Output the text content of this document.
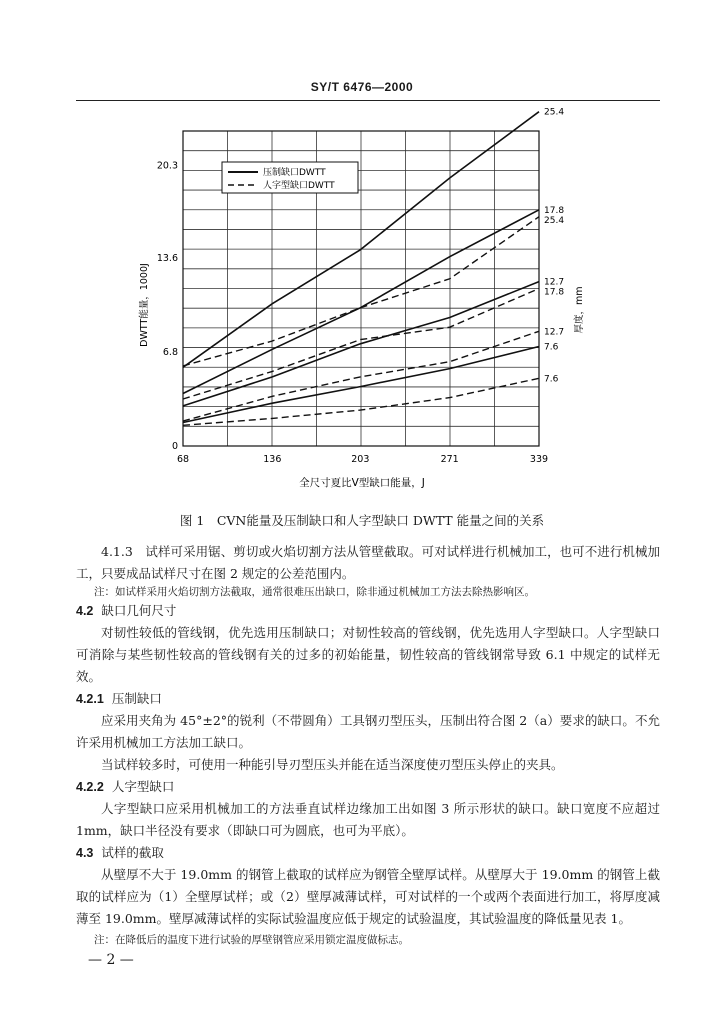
SY/T 6476—2000
68	136	203	271	339
0
6.8
13.6
20.3
25.4
17.8
25.4
12.7
17.8
12.7
7.6
7.6
压制缺口DWTT
人字型缺口DWTT
DWTT能量，1000J	厚度，mm
全尺寸夏比V型缺口能量，J
图 1　CVN能量及压制缺口和人字型缺口 DWTT 能量之间的关系
4.1.3　试样可采用锯、剪切或火焰切割方法从管壁截取。可对试样进行机械加工，也可不进行机械加工，只要成品试样尺寸在图 2 规定的公差范围内。
注：如试样采用火焰切割方法截取，通常很难压出缺口，除非通过机械加工方法去除热影响区。
4.2 缺口几何尺寸
对韧性较低的管线钢，优先选用压制缺口；对韧性较高的管线钢，优先选用人字型缺口。人字型缺口可消除与某些韧性较高的管线钢有关的过多的初始能量，韧性较高的管线钢常导致 6.1 中规定的试样无效。
4.2.1 压制缺口
应采用夹角为 45°±2°的锐利（不带圆角）工具钢刃型压头，压制出符合图 2（a）要求的缺口。不允许采用机械加工方法加工缺口。
当试样较多时，可使用一种能引导刃型压头并能在适当深度使刃型压头停止的夹具。
4.2.2 人字型缺口
人字型缺口应采用机械加工的方法垂直试样边缘加工出如图 3 所示形状的缺口。缺口宽度不应超过 1mm，缺口半径没有要求（即缺口可为圆底，也可为平底）。
4.3 试样的截取
从壁厚不大于 19.0mm 的钢管上截取的试样应为钢管全壁厚试样。从壁厚大于 19.0mm 的钢管上截取的试样应为（1）全壁厚试样；或（2）壁厚减薄试样，可对试样的一个或两个表面进行加工，将厚度减薄至 19.0mm。壁厚减薄试样的实际试验温度应低于规定的试验温度，其试验温度的降低量见表 1。
注：在降低后的温度下进行试验的厚壁钢管应采用锁定温度做标志。
— 2 —
